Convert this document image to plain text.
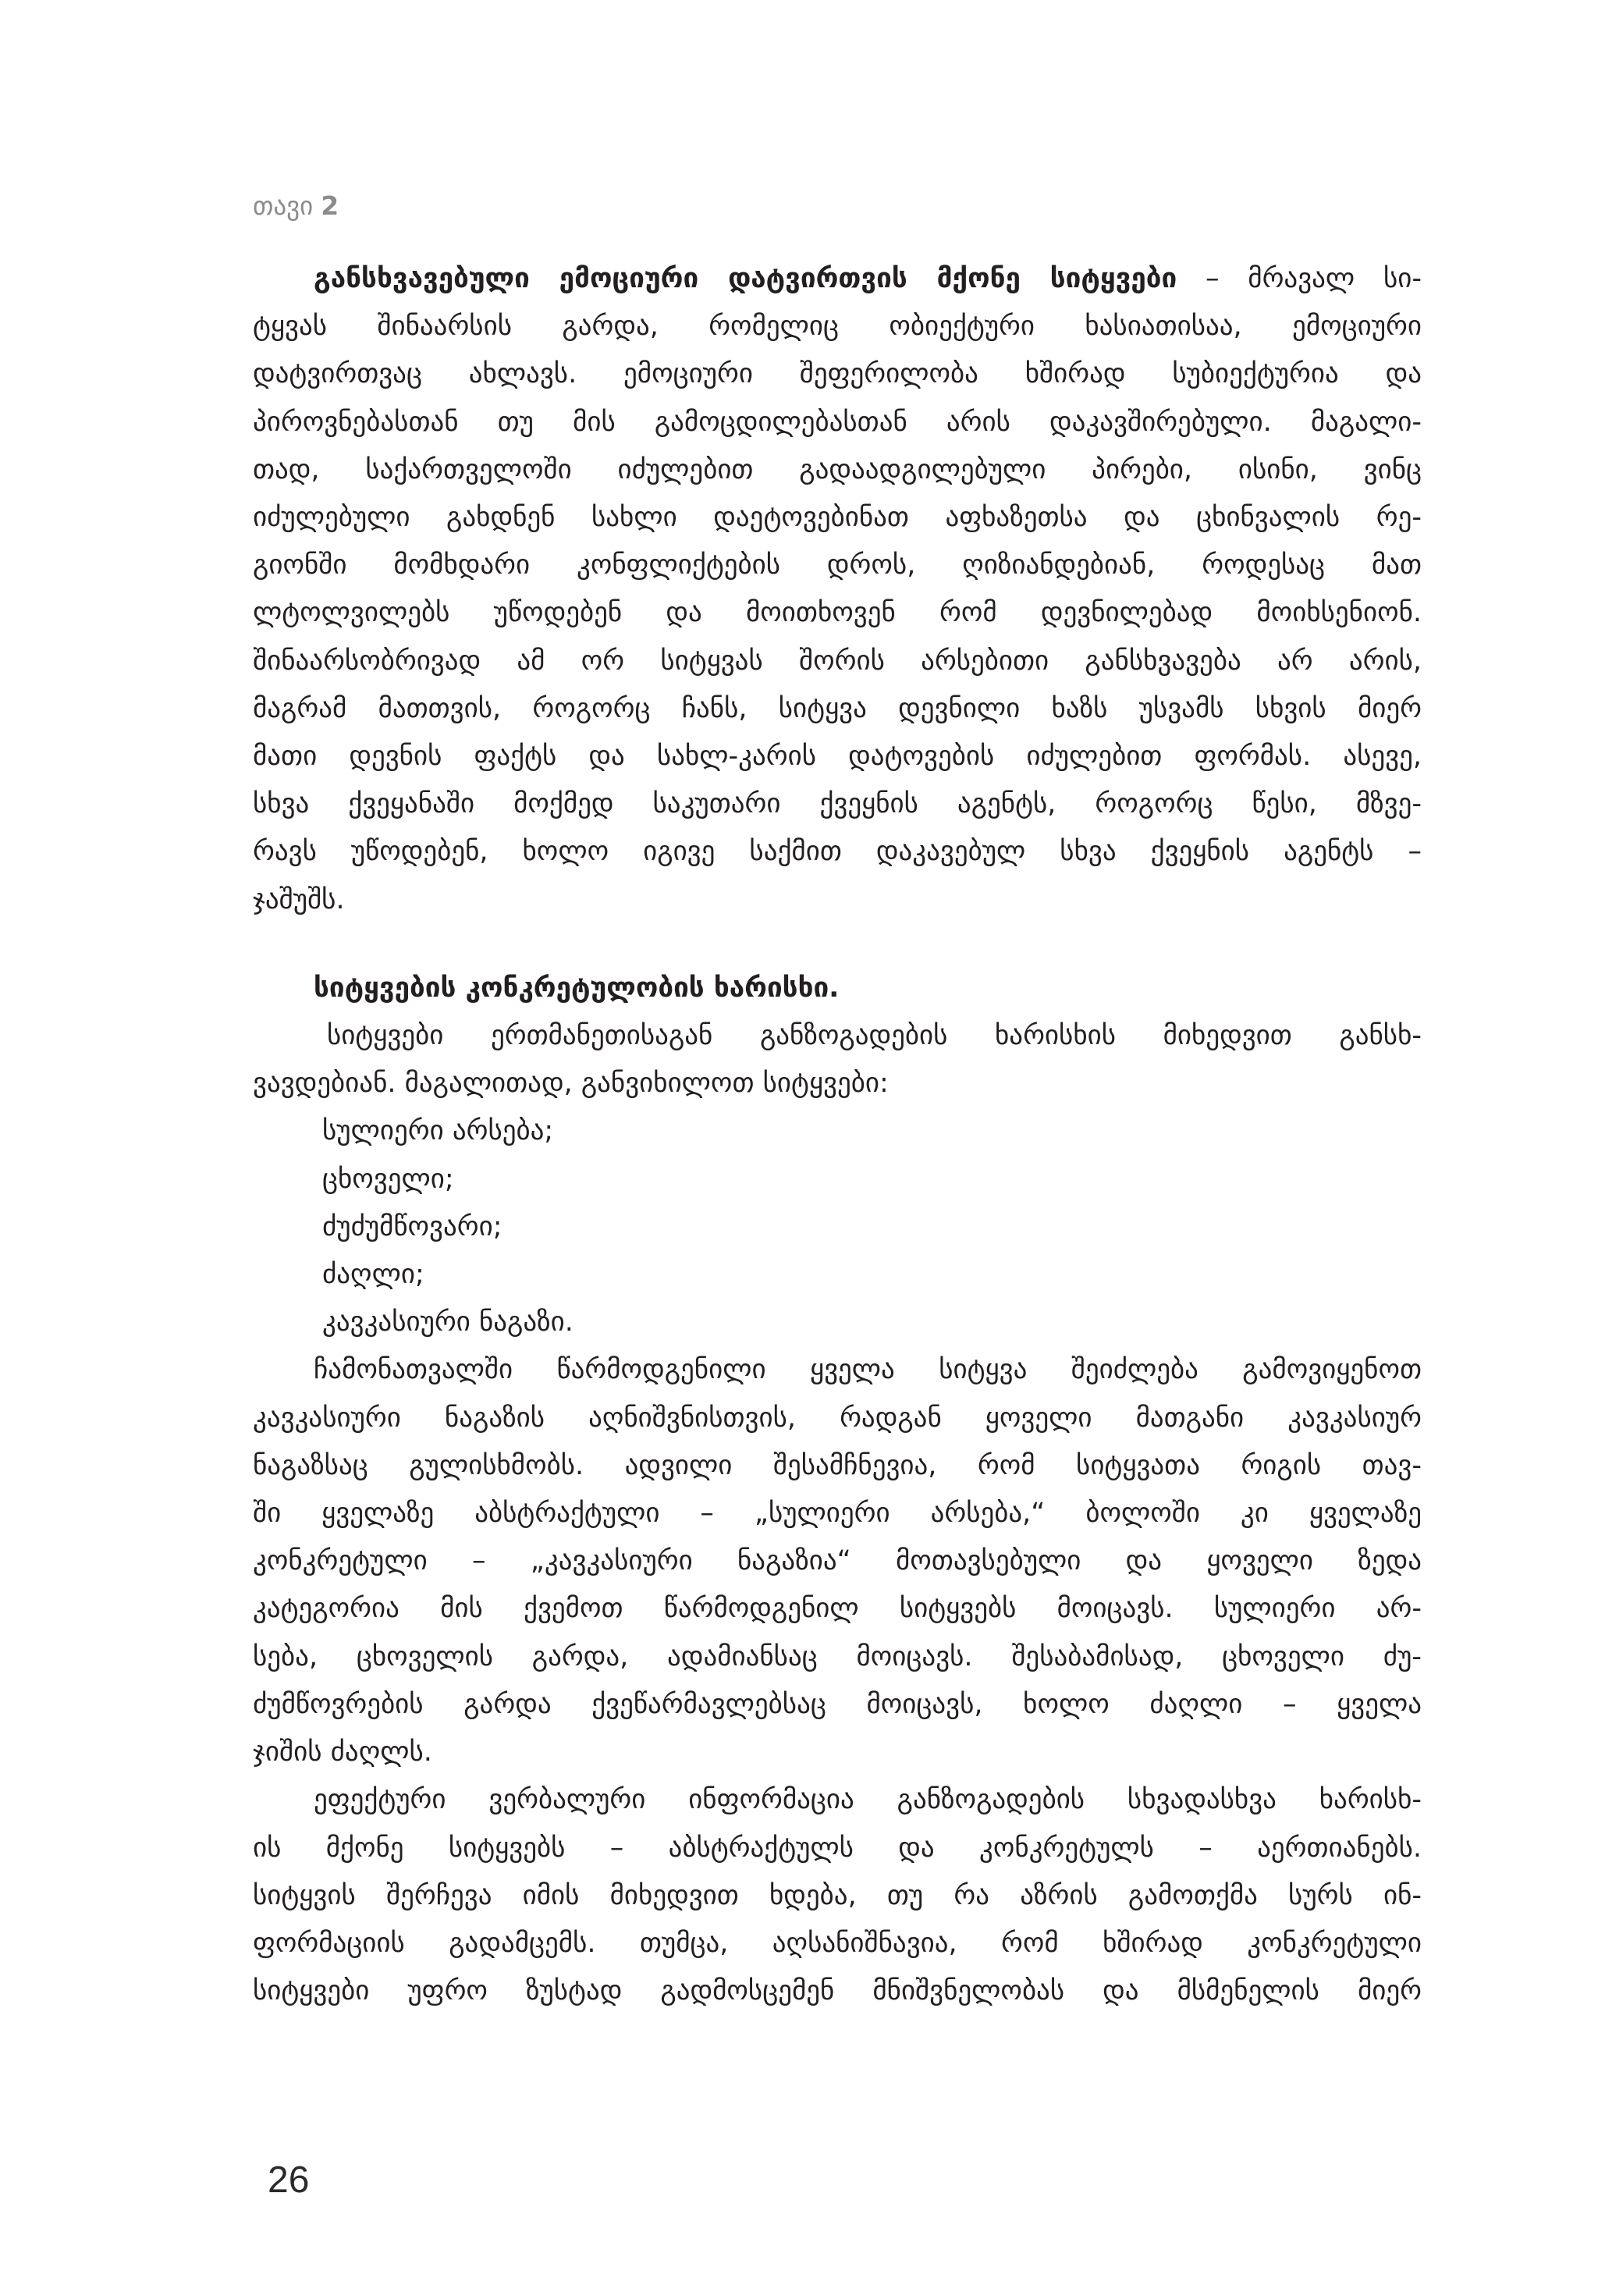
თავი 2
განსხვავებული ემოციური დატვირთვის მქონე სიტყვები – მრავალ სი-
ტყვას შინაარსის გარდა, რომელიც ობიექტური ხასიათისაა, ემოციური
დატვირთვაც ახლავს. ემოციური შეფერილობა ხშირად სუბიექტურია და
პიროვნებასთან თუ მის გამოცდილებასთან არის დაკავშირებული. მაგალი-
თად, საქართველოში იძულებით გადაადგილებული პირები, ისინი, ვინც
იძულებული გახდნენ სახლი დაეტოვებინათ აფხაზეთსა და ცხინვალის რე-
გიონში მომხდარი კონფლიქტების დროს, ღიზიანდებიან, როდესაც მათ
ლტოლვილებს უწოდებენ და მოითხოვენ რომ დევნილებად მოიხსენიონ.
შინაარსობრივად ამ ორ სიტყვას შორის არსებითი განსხვავება არ არის,
მაგრამ მათთვის, როგორც ჩანს, სიტყვა დევნილი ხაზს უსვამს სხვის მიერ
მათი დევნის ფაქტს და სახლ-კარის დატოვების იძულებით ფორმას. ასევე,
სხვა ქვეყანაში მოქმედ საკუთარი ქვეყნის აგენტს, როგორც წესი, მზვე-
რავს უწოდებენ, ხოლო იგივე საქმით დაკავებულ სხვა ქვეყნის აგენტს –
ჯაშუშს.
სიტყვების კონკრეტულობის ხარისხი.
სიტყვები ერთმანეთისაგან განზოგადების ხარისხის მიხედვით განსხ-
ვავდებიან. მაგალითად, განვიხილოთ სიტყვები:
სულიერი არსება;
ცხოველი;
ძუძუმწოვარი;
ძაღლი;
კავკასიური ნაგაზი.
ჩამონათვალში წარმოდგენილი ყველა სიტყვა შეიძლება გამოვიყენოთ
კავკასიური ნაგაზის აღნიშვნისთვის, რადგან ყოველი მათგანი კავკასიურ
ნაგაზსაც გულისხმობს. ადვილი შესამჩნევია, რომ სიტყვათა რიგის თავ-
ში ყველაზე აბსტრაქტული – „სულიერი არსება,“ ბოლოში კი ყველაზე
კონკრეტული – „კავკასიური ნაგაზია“ მოთავსებული და ყოველი ზედა
კატეგორია მის ქვემოთ წარმოდგენილ სიტყვებს მოიცავს. სულიერი არ-
სება, ცხოველის გარდა, ადამიანსაც მოიცავს. შესაბამისად, ცხოველი ძუ-
ძუმწოვრების გარდა ქვეწარმავლებსაც მოიცავს, ხოლო ძაღლი – ყველა
ჯიშის ძაღლს.
ეფექტური ვერბალური ინფორმაცია განზოგადების სხვადასხვა ხარისხ-
ის მქონე სიტყვებს – აბსტრაქტულს და კონკრეტულს – აერთიანებს.
სიტყვის შერჩევა იმის მიხედვით ხდება, თუ რა აზრის გამოთქმა სურს ინ-
ფორმაციის გადამცემს. თუმცა, აღსანიშნავია, რომ ხშირად კონკრეტული
სიტყვები უფრო ზუსტად გადმოსცემენ მნიშვნელობას და მსმენელის მიერ
26
